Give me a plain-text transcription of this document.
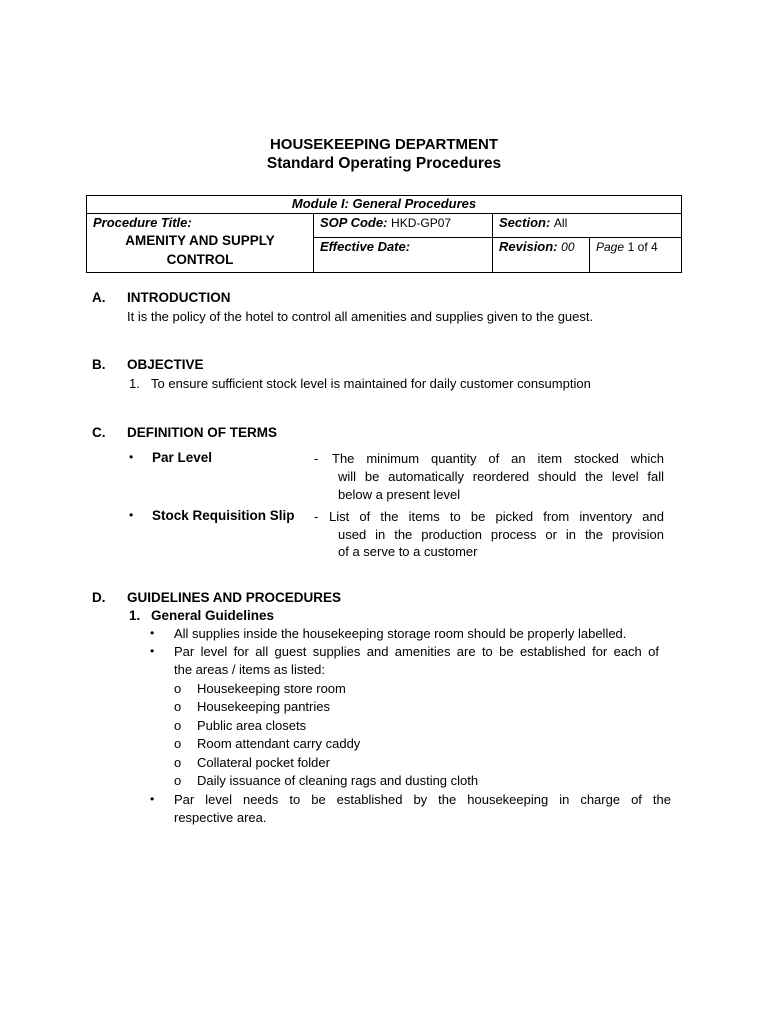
HOUSEKEEPING DEPARTMENT
Standard Operating Procedures
Module I: General Procedures			

Procedure Title:
AMENITY AND SUPPLY
CONTROL	SOP Code: HKD-GP07	Section: All	
	Effective Date:	Revision: 00	Page 1 of 4
A. INTRODUCTION
It is the policy of the hotel to control all amenities and supplies given to the guest.
B. OBJECTIVE
1. To ensure sufficient stock level is maintained for daily customer consumption
C. DEFINITION OF TERMS
• Par Level	- The minimum quantity of an item stocked which
will be automatically reordered should the level fall
below a present level
• Stock Requisition Slip - List of the items to be picked from inventory and
used in the production process or in the provision
of a serve to a customer
D. GUIDELINES AND PROCEDURES
1. General Guidelines
• All supplies inside the housekeeping storage room should be properly labelled.
• Par level for all guest supplies and amenities are to be established for each of
the areas / items as listed:
o Housekeeping store room
o Housekeeping pantries
o Public area closets
o Room attendant carry caddy
o Collateral pocket folder
o Daily issuance of cleaning rags and dusting cloth
• Par level needs to be established by the housekeeping in charge of the
respective area.
